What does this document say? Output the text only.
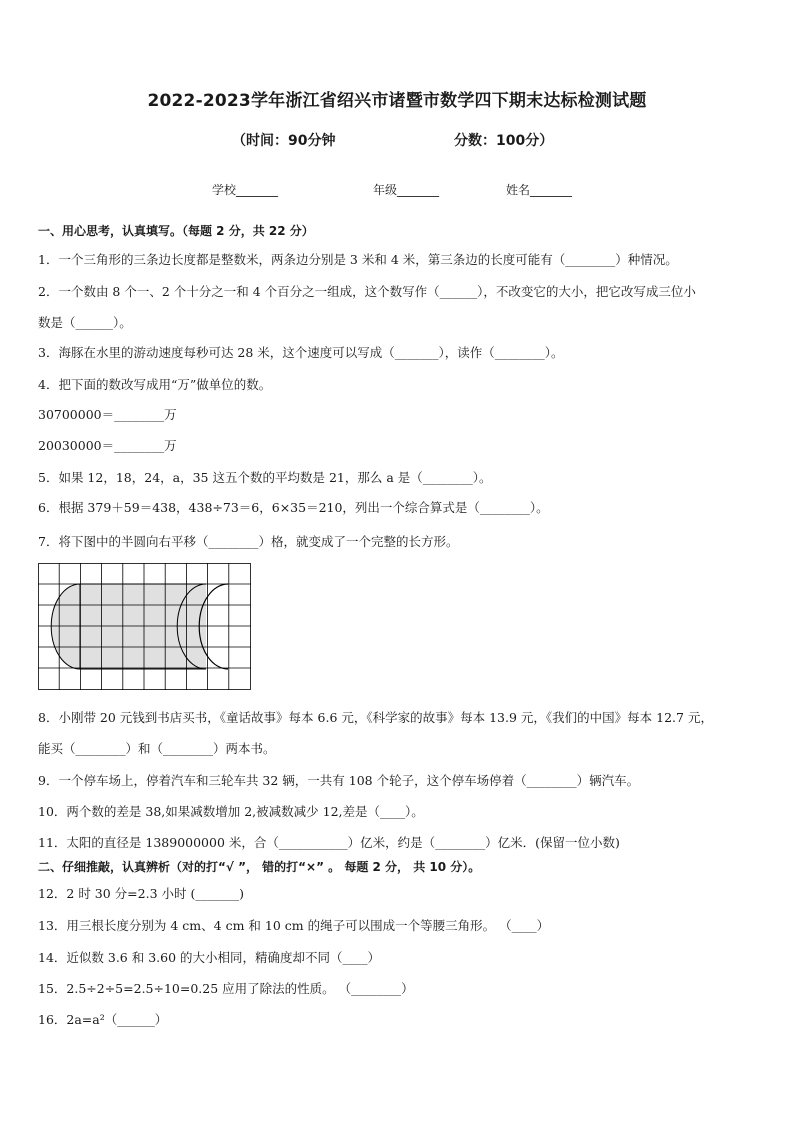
2022-2023学年浙江省绍兴市诸暨市数学四下期末达标检测试题
（时间：90分钟	分数：100分）
学校_______	年级_______	姓名_______
一、用心思考，认真填写。（每题 2 分，共 22 分）
1．一个三角形的三条边长度都是整数米，两条边分别是 3 米和 4 米，第三条边的长度可能有（________）种情况。
2．一个数由 8 个一、2 个十分之一和 4 个百分之一组成，这个数写作（______），不改变它的大小，把它改写成三位小
数是（______）。
3．海豚在水里的游动速度每秒可达 28 米，这个速度可以写成（_______），读作（________）。
4．把下面的数改写成用“万”做单位的数。
30700000＝________万
20030000＝________万
5．如果 12，18，24，a，35 这五个数的平均数是 21，那么 a 是（________）。
6．根据 379＋59＝438，438÷73＝6，6×35＝210，列出一个综合算式是（________）。
7．将下图中的半圆向右平移（________）格，就变成了一个完整的长方形。
8．小刚带 20 元钱到书店买书，《童话故事》每本 6.6 元，《科学家的故事》每本 13.9 元，《我们的中国》每本 12.7 元，
能买（________）和（________）两本书。
9．一个停车场上，停着汽车和三轮车共 32 辆，一共有 108 个轮子，这个停车场停着（________）辆汽车。
10．两个数的差是 38,如果减数增加 2,被减数减少 12,差是（____）。
11．太阳的直径是 1389000000 米，合（___________）亿米，约是（________）亿米．(保留一位小数)
二、仔细推敲，认真辨析（对的打“√ ”， 错的打“×” 。 每题 2 分， 共 10 分）。
12．2 时 30 分=2.3 小时 (_______)
13．用三根长度分别为 4 cm、4 cm 和 10 cm 的绳子可以围成一个等腰三角形。 （____）
14．近似数 3.6 和 3.60 的大小相同，精确度却不同（____）
15．2.5÷2÷5=2.5÷10=0.25 应用了除法的性质。 （________）
16．2a=a²（______）
